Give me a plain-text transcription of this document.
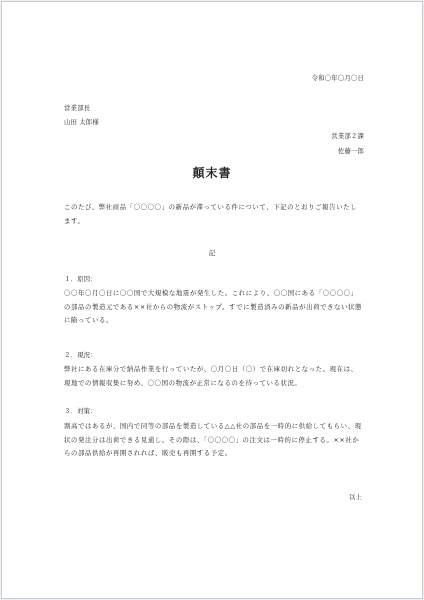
令和〇年〇月〇日
営業部長
山田 太郎様
営業部２課
佐藤一郎
顛末書
このたび、弊社商品「〇〇〇〇」の新品が滞っている件について、下記のとおりご報告いたします。
記
１．原因：
〇〇年〇月〇日に〇〇国で大規模な地震が発生した。これにより、〇〇国にある「〇〇〇〇」の部品の製造元である××社からの物流がストップ。すでに製造済みの新品が出荷できない状態に陥っている。
２．現況：
弊社にある在庫分で納品作業を行っていたが、〇月〇日（〇）で在庫切れとなった。現在は、現地での情報収集に努め、〇〇国の物流が正常になるのを待っている状況。
３．対策：
割高ではあるが、国内で同等の部品を製造している△△社の部品を一時的に供給してもらい、現状の発注分は出荷できる見通し。その際は、「〇〇〇〇」の注文は一時的に停止する。××社からの部品供給が再開されれば、販売も再開する予定。
以上
